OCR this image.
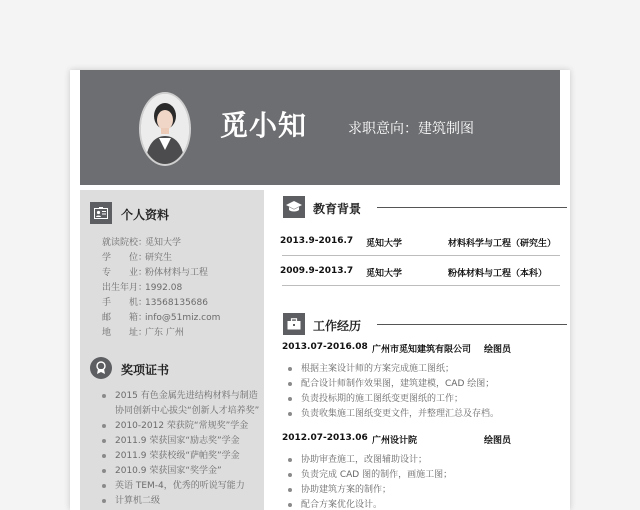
觅小知	求职意向：建筑制图
个人资料
就读院校：觅知大学
学　　位：研究生
专　　业：粉体材料与工程
出生年月：1992.08
手　　机：13568135686
邮　　箱：info@51miz.com
地　　址：广东 广州
奖项证书
2015 有色金属先进结构材料与制造
协同创新中心拔尖“创新人才培养奖”
2010-2012 荣获院“常规奖”学金
2011.9 荣获国家“励志奖”学金
2011.9 荣获校级“萨帕奖”学金
2010.9 荣获国家“奖学金”
英语 TEM-4，优秀的听说写能力
计算机二级
教育背景
2013.9-2016.7 觅知大学	材料科学与工程（研究生）
2009.9-2013.7 觅知大学	粉体材料与工程（本科）
工作经历
2013.07-2016.08 广州市觅知建筑有限公司 绘图员
根据主案设计师的方案完成施工图纸；
配合设计师制作效果图，建筑建模，CAD 绘图；
负责投标期的施工图纸变更图纸的工作；
负责收集施工图纸变更文件，并整理汇总及存档。
2012.07-2013.06 广州设计院	绘图员
协助审查施工，改图辅助设计；
负责完成 CAD 图的制作，画施工图；
协助建筑方案的制作；
配合方案优化设计。
